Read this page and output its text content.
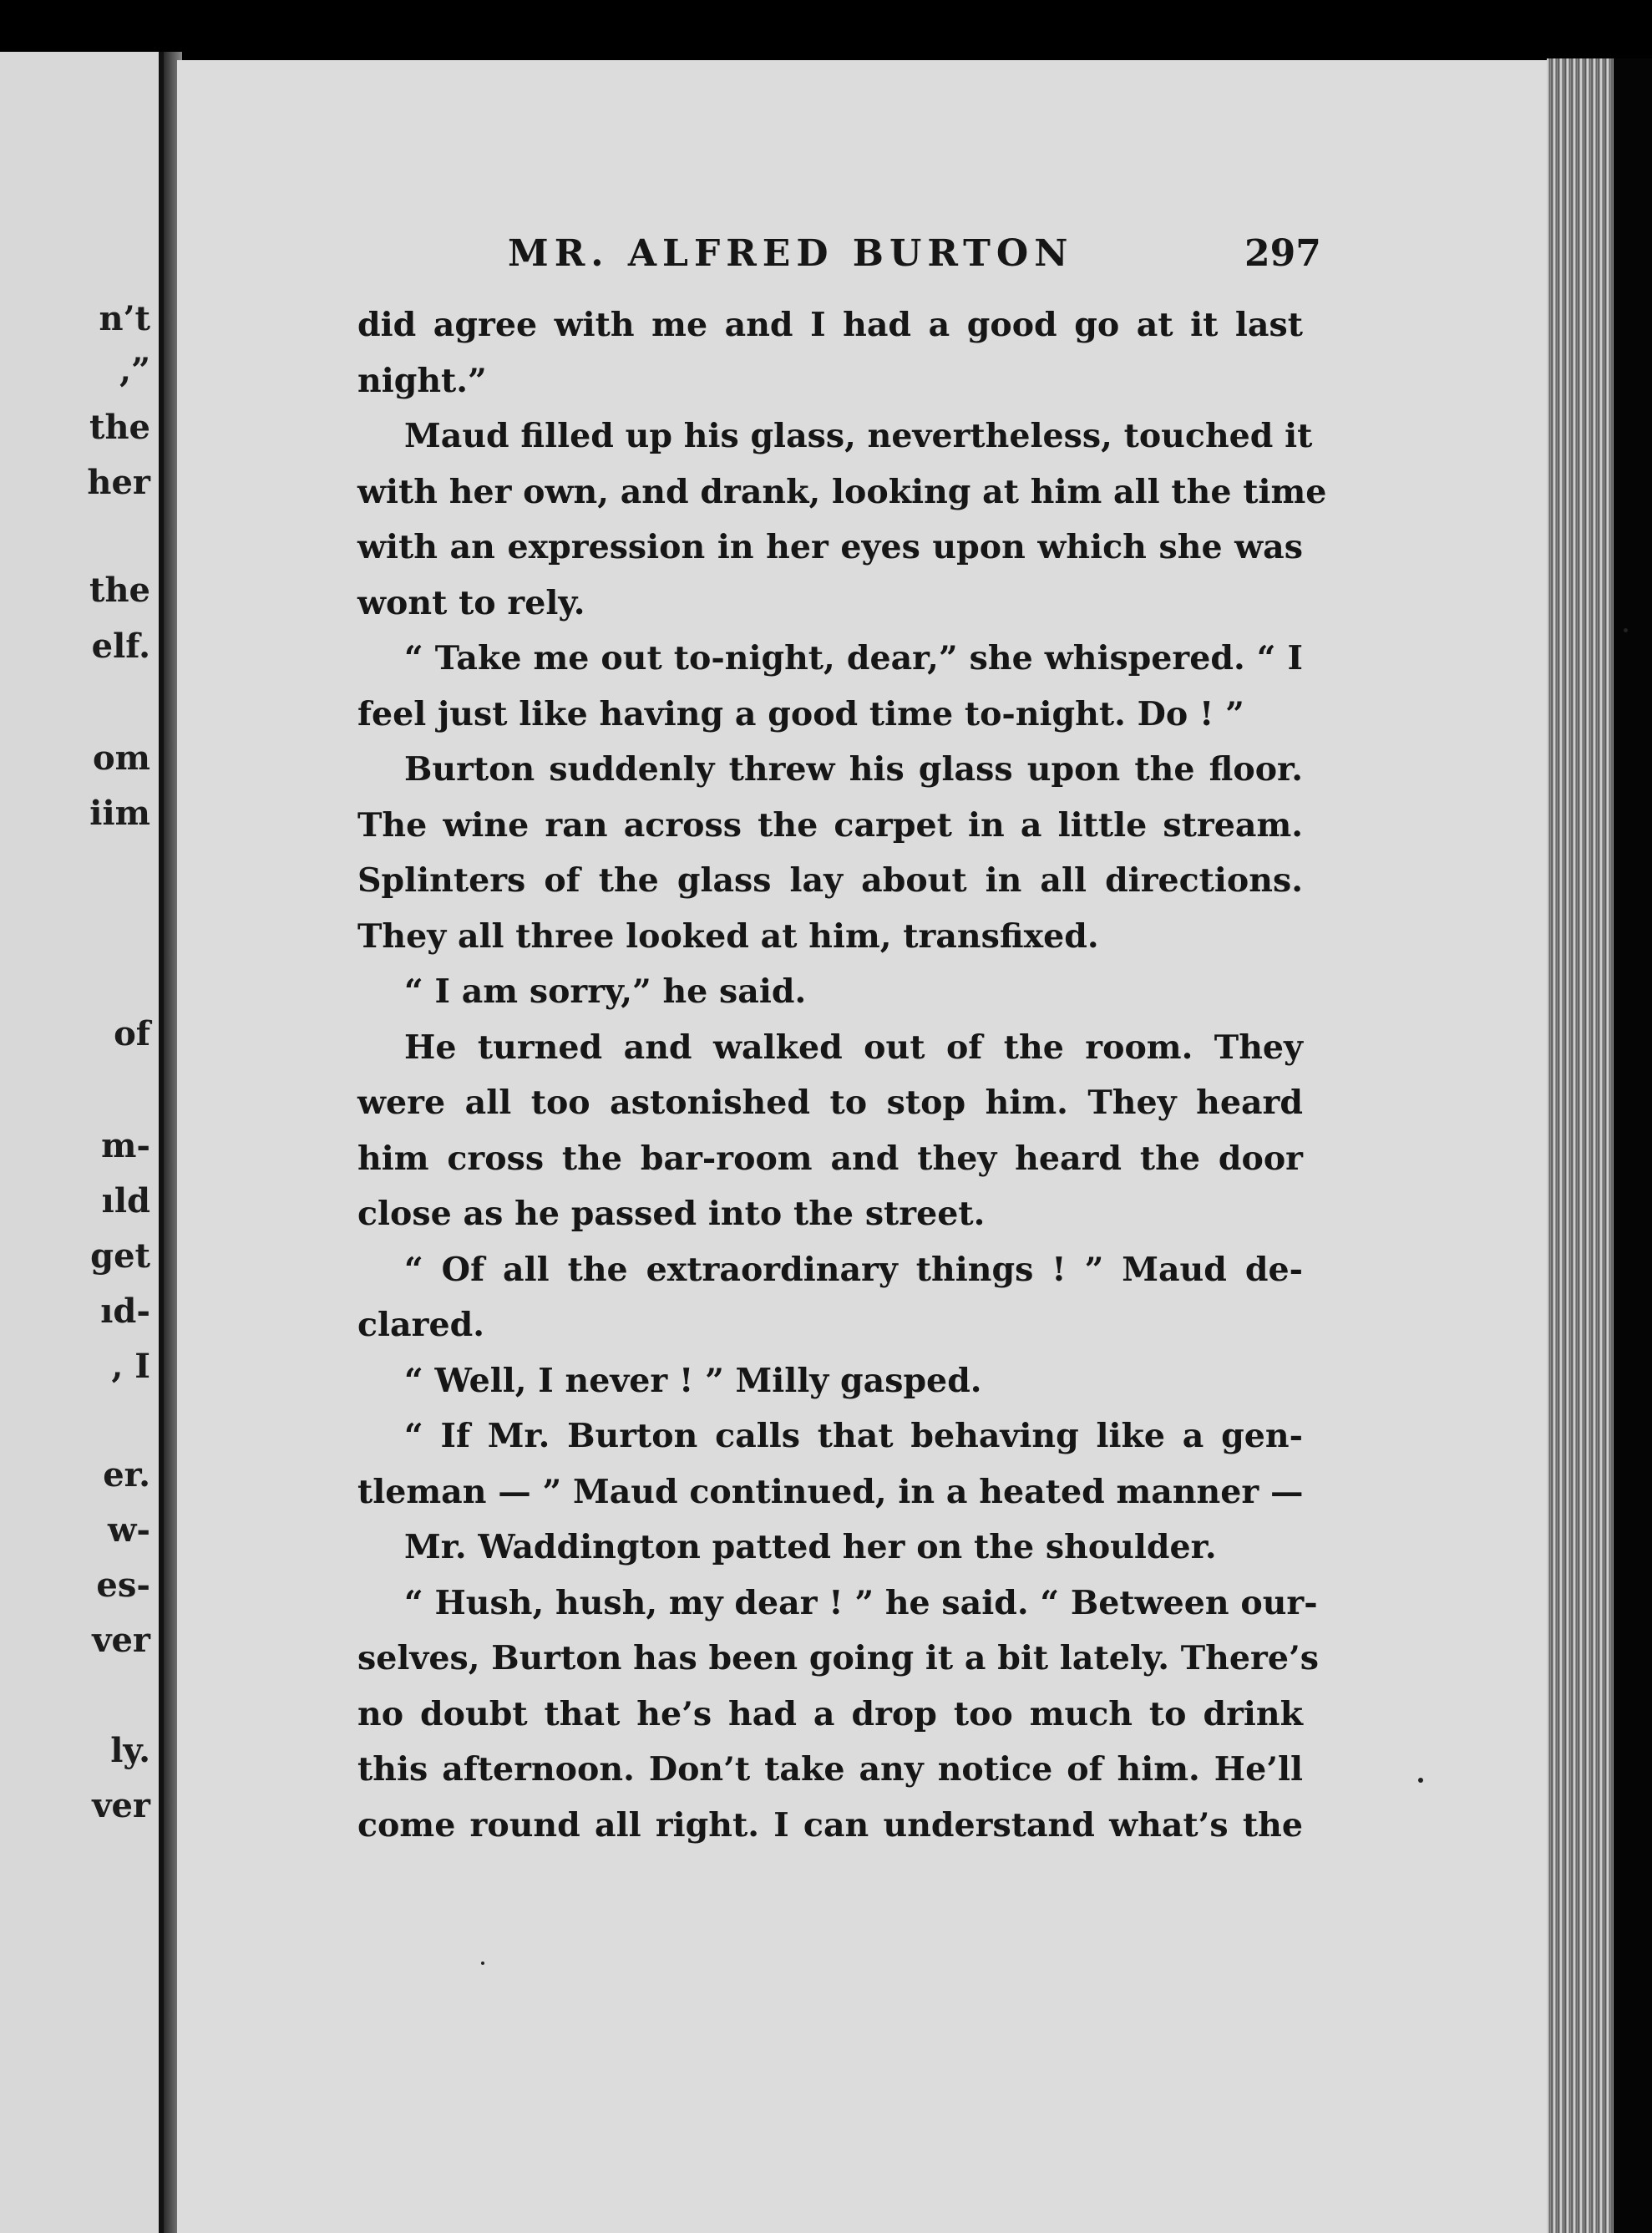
n’t
,”
the
her
the
elf.
om
iim
of
m-
ıld
get
ıd-
, I
er.
w-
es-
ver
ly.
ver
MR. ALFRED BURTON	297
did agree with me and I had a good go at it last
night.”
Maud filled up his glass, nevertheless, touched it
with her own, and drank, looking at him all the time
with an expression in her eyes upon which she was
wont to rely.
“ Take me out to-night, dear,” she whispered. “ I
feel just like having a good time to-night. Do ! ”
Burton suddenly threw his glass upon the floor.
The wine ran across the carpet in a little stream.
Splinters of the glass lay about in all directions.
They all three looked at him, transfixed.
“ I am sorry,” he said.
He turned and walked out of the room. They
were all too astonished to stop him. They heard
him cross the bar-room and they heard the door
close as he passed into the street.
“ Of all the extraordinary things ! ” Maud de-
clared.
“ Well, I never ! ” Milly gasped.
“ If Mr. Burton calls that behaving like a gen-
tleman — ” Maud continued, in a heated manner —
Mr. Waddington patted her on the shoulder.
“ Hush, hush, my dear ! ” he said. “ Between our-
selves, Burton has been going it a bit lately. There’s
no doubt that he’s had a drop too much to drink
this afternoon. Don’t take any notice of him. He’ll
come round all right. I can understand what’s the
